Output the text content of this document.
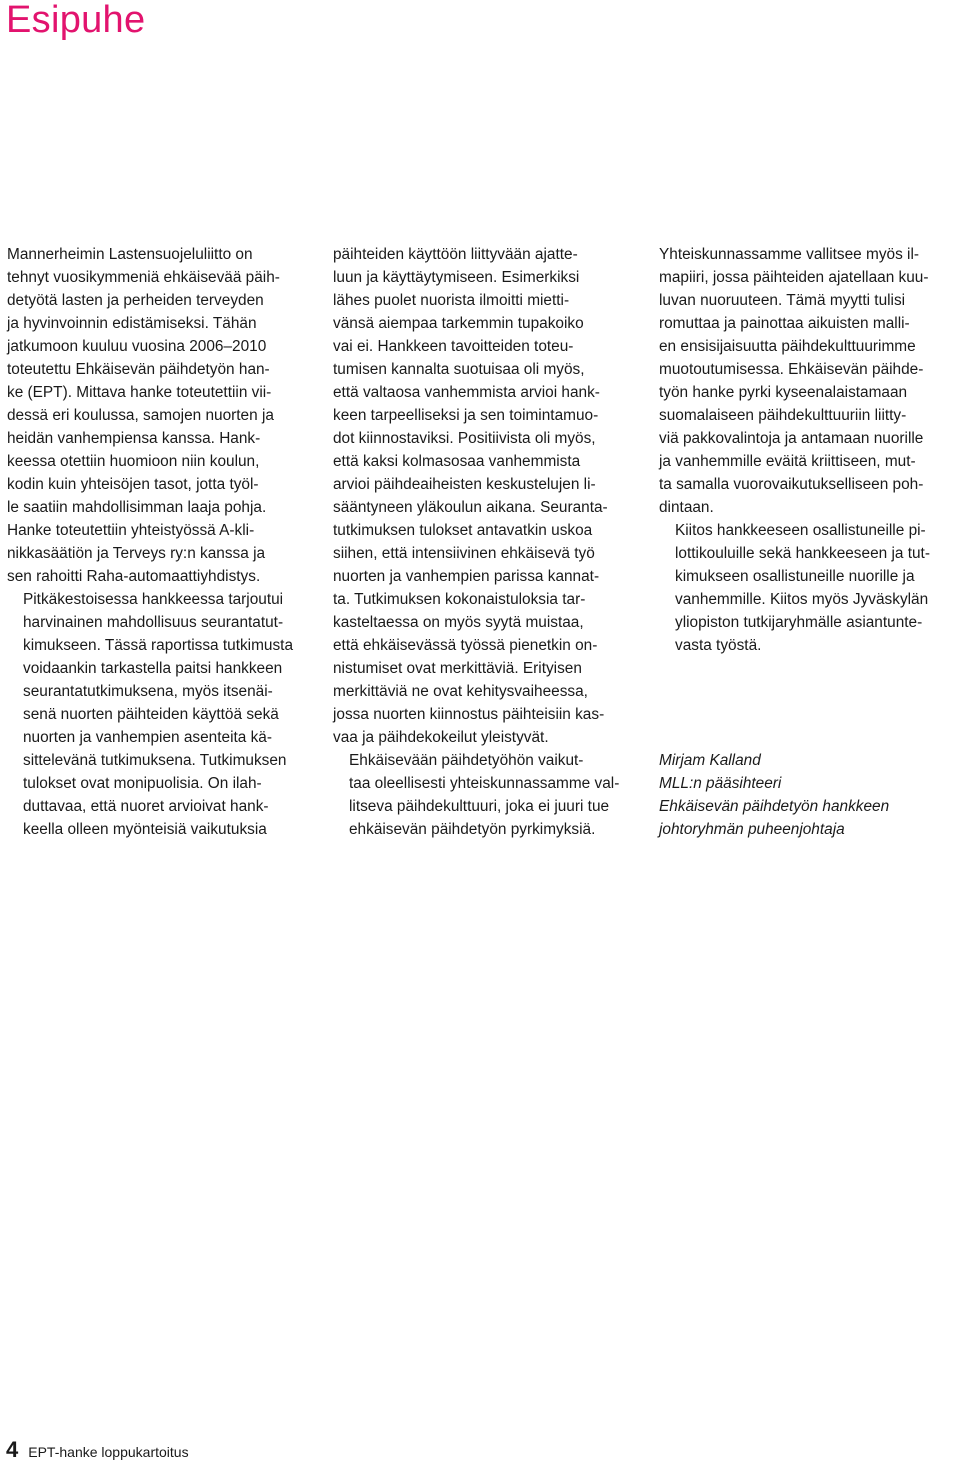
Esipuhe

Mannerheimin Lastensuojeluliitto on
tehnyt vuosikymmeniä ehkäisevää päih-
detyötä lasten ja perheiden terveyden
ja hyvinvoinnin edistämiseksi. Tähän
jatkumoon kuuluu vuosina 2006–2010
toteutettu Ehkäisevän päihdetyön han-
ke (EPT). Mittava hanke toteutettiin vii-
dessä eri koulussa, samojen nuorten ja
heidän vanhempiensa kanssa. Hank-
keessa otettiin huomioon niin koulun,
kodin kuin yhteisöjen tasot, jotta työl-
le saatiin mahdollisimman laaja pohja.
Hanke toteutettiin yhteistyössä A-kli-
nikkasäätiön ja Terveys ry:n kanssa ja
sen rahoitti Raha-automaattiyhdistys.

Pitkäkestoisessa hankkeessa tarjoutui
harvinainen mahdollisuus seurantatut-
kimukseen. Tässä raportissa tutkimusta
voidaankin tarkastella paitsi hankkeen
seurantatutkimuksena, myös itsenäi-
senä nuorten päihteiden käyttöä sekä
nuorten ja vanhempien asenteita kä-
sittelevänä tutkimuksena. Tutkimuksen
tulokset ovat monipuolisia. On ilah-
duttavaa, että nuoret arvioivat hank-
keella olleen myönteisiä vaikutuksia

päihteiden käyttöön liittyvään ajatte-
luun ja käyttäytymiseen. Esimerkiksi
lähes puolet nuorista ilmoitti mietti-
vänsä aiempaa tarkemmin tupakoiko
vai ei. Hankkeen tavoitteiden toteu-
tumisen kannalta suotuisaa oli myös,
että valtaosa vanhemmista arvioi hank-
keen tarpeelliseksi ja sen toimintamuo-
dot kiinnostaviksi. Positiivista oli myös,
että kaksi kolmasosaa vanhemmista
arvioi päihdeaiheisten keskustelujen li-
sääntyneen yläkoulun aikana. Seuranta-
tutkimuksen tulokset antavatkin uskoa
siihen, että intensiivinen ehkäisevä työ
nuorten ja vanhempien parissa kannat-
ta. Tutkimuksen kokonaistuloksia tar-
kasteltaessa on myös syytä muistaa,
että ehkäisevässä työssä pienetkin on-
nistumiset ovat merkittäviä. Erityisen
merkittäviä ne ovat kehitysvaiheessa,
jossa nuorten kiinnostus päihteisiin kas-
vaa ja päihdekokeilut yleistyvät.

Ehkäisevään päihdetyöhön vaikut-
taa oleellisesti yhteiskunnassamme val-
litseva päihdekulttuuri, joka ei juuri tue
ehkäisevän päihdetyön pyrkimyksiä.

Yhteiskunnassamme vallitsee myös il-
mapiiri, jossa päihteiden ajatellaan kuu-
luvan nuoruuteen. Tämä myytti tulisi
romuttaa ja painottaa aikuisten malli-
en ensisijaisuutta päihdekulttuurimme
muotoutumisessa. Ehkäisevän päihde-
työn hanke pyrki kyseenalaistamaan
suomalaiseen päihdekulttuuriin liitty-
viä pakkovalintoja ja antamaan nuorille
ja vanhemmille eväitä kriittiseen, mut-
ta samalla vuorovaikutukselliseen poh-
dintaan.

Kiitos hankkeeseen osallistuneille pi-
lottikouluille sekä hankkeeseen ja tut-
kimukseen osallistuneille nuorille ja
vanhemmille. Kiitos myös Jyväskylän
yliopiston tutkijaryhmälle asiantunte-
vasta työstä.

Mirjam Kalland
MLL:n pääsihteeri
Ehkäisevän päihdetyön hankkeen
johtoryhmän puheenjohtaja
4 EPT-hanke loppukartoitus
